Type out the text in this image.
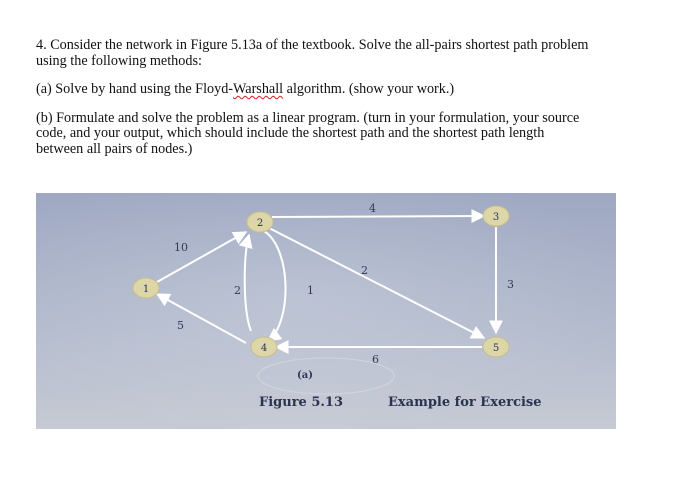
4. Consider the network in Figure 5.13a of the textbook. Solve the all-pairs shortest path problem
using the following methods:

(a) Solve by hand using the Floyd-Warshall algorithm. (show your work.)

(b) Formulate and solve the problem as a linear program. (turn in your formulation, your source
code, and your output, which should include the shortest path and the shortest path length
between all pairs of nodes.)

10
5
2	1
4
2
3
6
1
2
3
4	5
(a)
Figure 5.13	Example for Exercise
